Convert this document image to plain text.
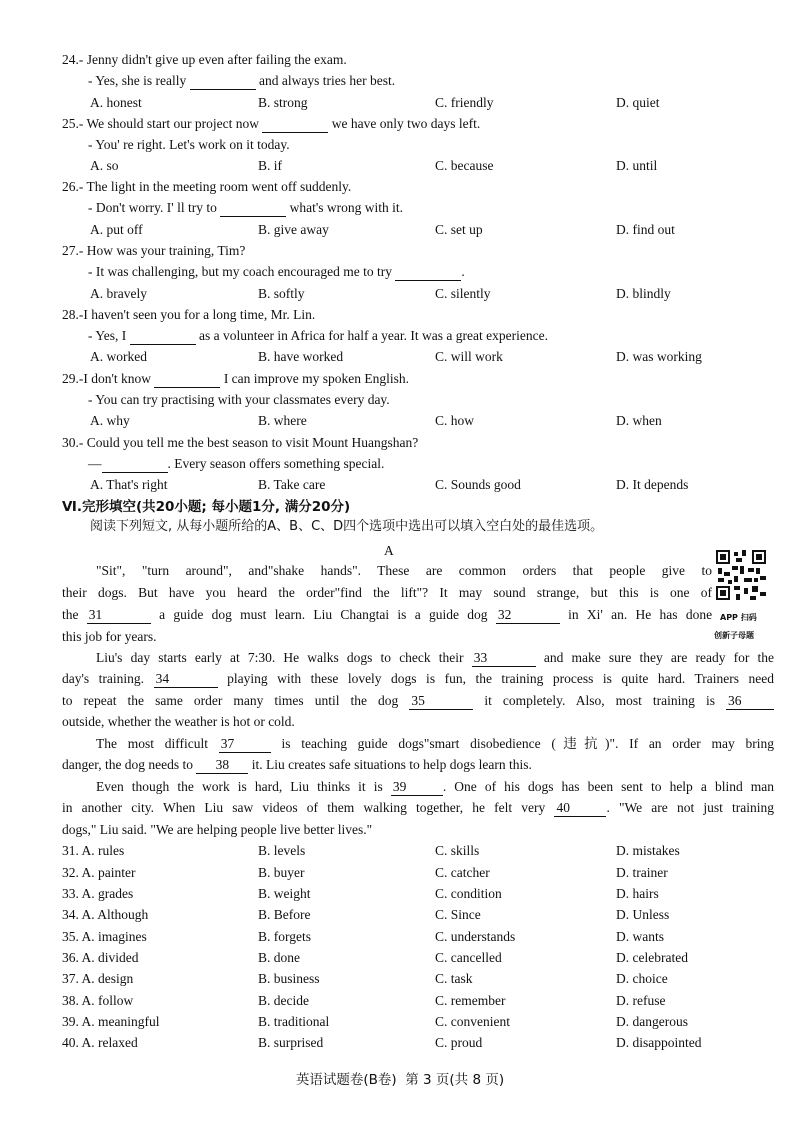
24.- Jenny didn't give up even after failing the exam.
- Yes, she is really	and always tries her best.
A. honest	B. strong	C. friendly	D. quiet
25.- We should start our project now	we have only two days left.
- You' re right. Let's work on it today.
A. so	B. if	C. because	D. until
26.- The light in the meeting room went off suddenly.
- Don't worry. I' ll try to	what's wrong with it.
A. put off	B. give away	C. set up	D. find out
27.- How was your training, Tim?
- It was challenging, but my coach encouraged me to try	.
A. bravely	B. softly	C. silently	D. blindly
28.-I haven't seen you for a long time, Mr. Lin.
- Yes, I	as a volunteer in Africa for half a year. It was a great experience.
A. worked	B. have worked	C. will work	D. was working
29.-I don't know	I can improve my spoken English.
- You can try practising with your classmates every day.
A. why	B. where	C. how	D. when
30.- Could you tell me the best season to visit Mount Huangshan?
—	. Every season offers something special.
A. That's right	B. Take care	C. Sounds good	D. It depends
Ⅵ.完形填空(共20小题; 每小题1分, 满分20分)
阅读下列短文, 从每小题所给的A、B、C、D四个选项中选出可以填入空白处的最佳选项。
A
APP 扫码
创新子母题
"Sit", "turn around", and"shake hands". These are common orders that people give to
their dogs. But have you heard the order"find the lift"? It may sound strange, but this is one of
the 31	a guide dog must learn. Liu Changtai is a guide dog 32	in Xi' an. He has done
this job for years.
Liu's day starts early at 7:30. He walks dogs to check their 33	and make sure they are ready for the
day's training. 34	playing with these lovely dogs is fun, the training process is quite hard. Trainers need
to repeat the same order many times until the dog 35	it completely. Also, most training is 36
outside, whether the weather is hot or cold.
The most difficult 37	is teaching guide dogs"smart disobedience (违抗)". If an order may bring
danger, the dog needs to 38 it. Liu creates safe situations to help dogs learn this.
Even though the work is hard, Liu thinks it is 39	. One of his dogs has been sent to help a blind man
in another city. When Liu saw videos of them walking together, he felt very 40	. "We are not just training
dogs," Liu said. "We are helping people live better lives."
31. A. rules	B. levels	C. skills	D. mistakes
32. A. painter	B. buyer	C. catcher	D. trainer
33. A. grades	B. weight	C. condition	D. hairs
34. A. Although	B. Before	C. Since	D. Unless
35. A. imagines	B. forgets	C. understands	D. wants
36. A. divided	B. done	C. cancelled	D. celebrated
37. A. design	B. business	C. task	D. choice
38. A. follow	B. decide	C. remember	D. refuse
39. A. meaningful	B. traditional	C. convenient	D. dangerous
40. A. relaxed	B. surprised	C. proud	D. disappointed
英语试题卷(B卷)  第 3 页(共 8 页)
